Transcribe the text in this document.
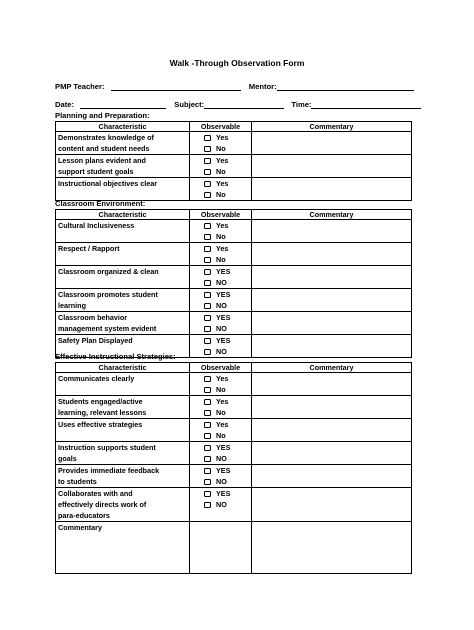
Walk -Through Observation Form
PMP Teacher:	Mentor:
Date:	Subject:	Time:
Planning and Preparation:
Characteristic	Observable	Commentary

Demonstrates knowledge of
content and student needs	Yes
No	

Lesson plans evident and
support student goals	Yes
No	

Instructional objectives clear	Yes
No	

Classroom Environment:
Characteristic	Observable	Commentary

Cultural Inclusiveness	Yes
No	

Respect / Rapport	Yes
No	

Classroom organized & clean	YES
NO	

Classroom promotes student
learning	YES
NO	

Classroom behavior
management system evident	YES
NO	

Safety Plan Displayed	YES
NO	

Effective Instructional Strategies:
Characteristic	Observable	Commentary

Communicates clearly	Yes
No	

Students engaged/active
learning, relevant lessons	Yes
No	

Uses effective strategies	Yes
No	

Instruction supports student
goals	YES
NO	

Provides immediate feedback
to students	YES
NO	

Collaborates with and
effectively directs work of
para-educators	YES
NO	

Commentary		
